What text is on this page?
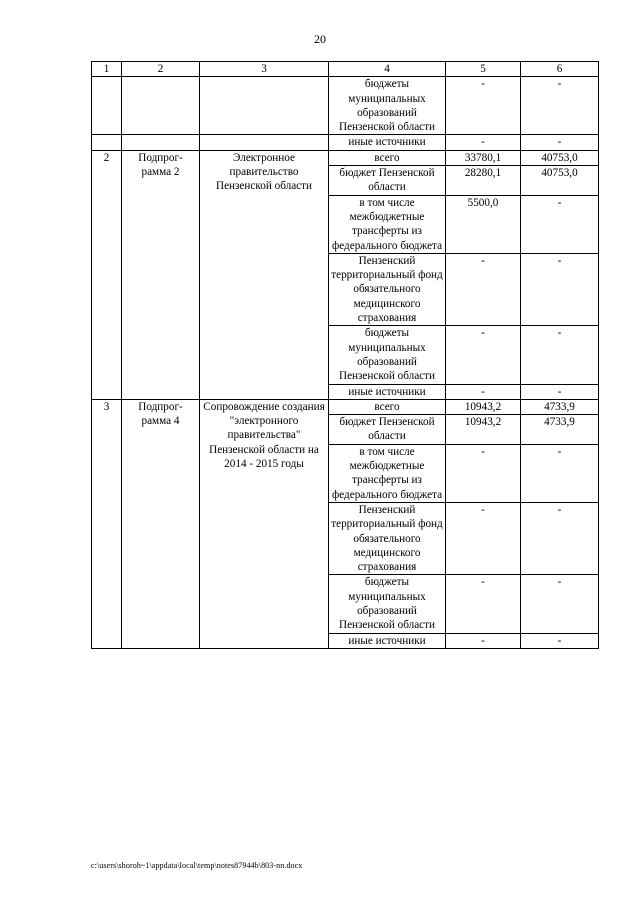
20
1	2	3	4	5	6
			бюджеты муниципальных образований Пензенской области	-	-
			иные источники	-	-
2	Подпрог-рамма 2	Электронное правительство Пензенской области	всего	33780,1	40753,0
			бюджет Пензенской области	28280,1	40753,0
			в том числе межбюджетные трансферты из федерального бюджета	5500,0	-
			Пензенский территориальный фонд обязательного медицинского страхования	-	-
			бюджеты муниципальных образований Пензенской области	-	-
			иные источники	-	-
3	Подпрог-рамма 4	Сопровождение создания "электронного правительства" Пензенской области на 2014 - 2015 годы	всего	10943,2	4733,9
			бюджет Пензенской области	10943,2	4733,9
			в том числе межбюджетные трансферты из федерального бюджета	-	-
			Пензенский территориальный фонд обязательного медицинского страхования	-	-
			бюджеты муниципальных образований Пензенской области	-	-
			иные источники	-	-
c:\users\shoroh~1\appdata\local\temp\notes87944b\803-nn.docx
